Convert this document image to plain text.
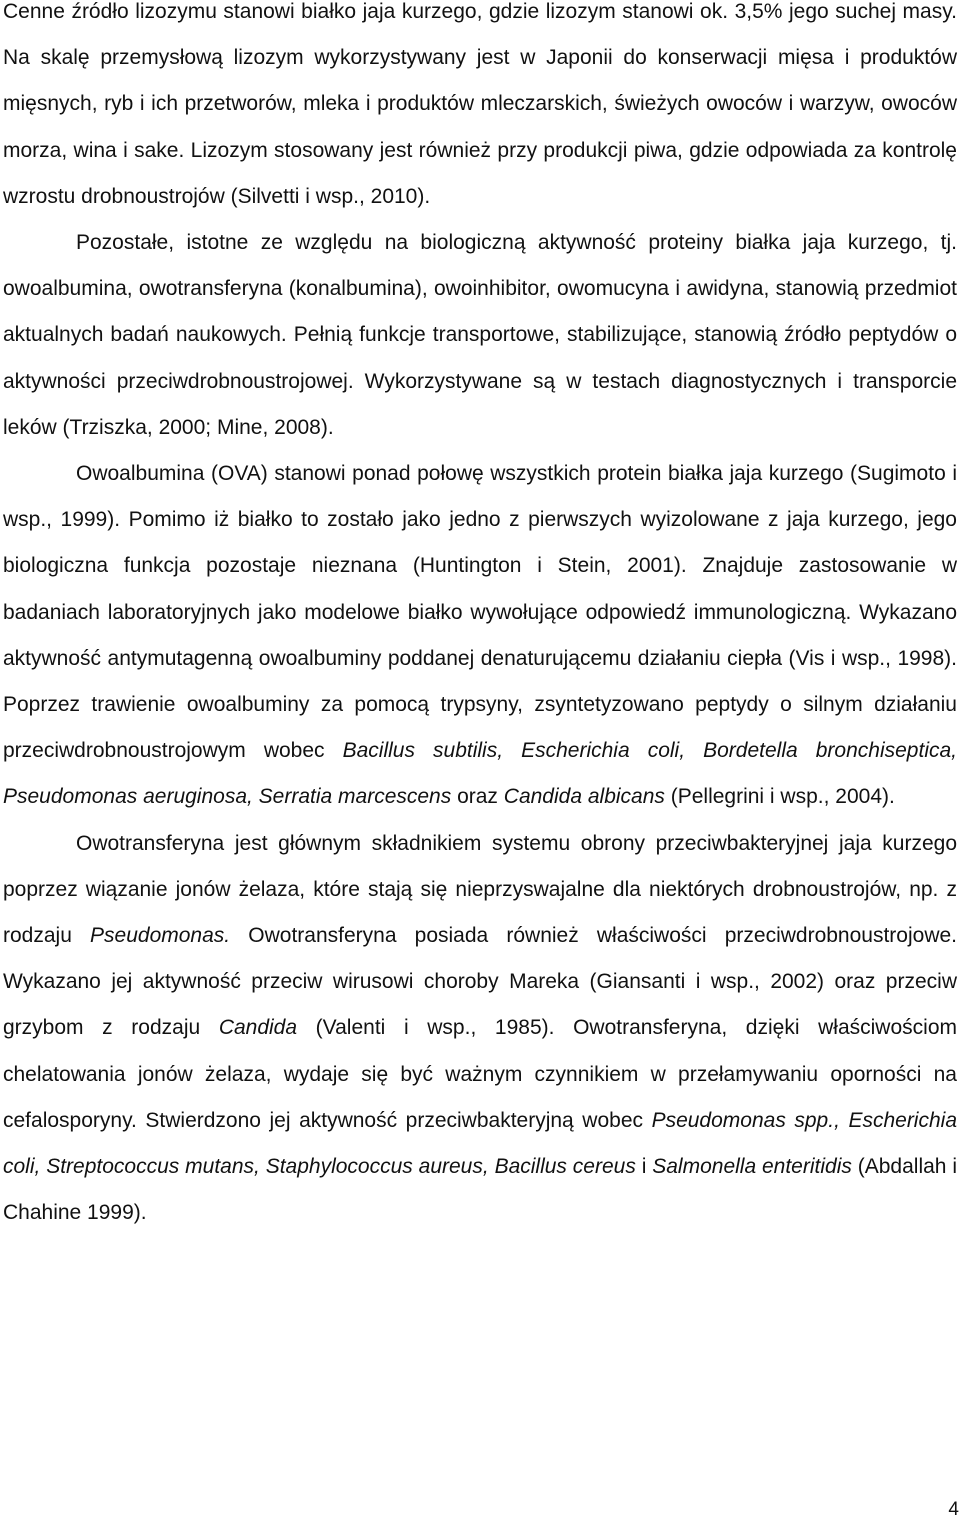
Cenne źródło lizozymu stanowi białko jaja kurzego, gdzie lizozym stanowi ok. 3,5% jego suchej masy. Na skalę przemysłową lizozym wykorzystywany jest w Japonii do konserwacji mięsa i produktów mięsnych, ryb i ich przetworów, mleka i produktów mleczarskich, świeżych owoców i warzyw, owoców morza, wina i sake. Lizozym stosowany jest również przy produkcji piwa, gdzie odpowiada za kontrolę wzrostu drobnoustrojów (Silvetti i wsp., 2010).

Pozostałe, istotne ze względu na biologiczną aktywność proteiny białka jaja kurzego, tj. owoalbumina, owotransferyna (konalbumina), owoinhibitor, owomucyna i awidyna, stanowią przedmiot aktualnych badań naukowych. Pełnią funkcje transportowe, stabilizujące, stanowią źródło peptydów o aktywności przeciwdrobnoustrojowej. Wykorzystywane są w testach diagnostycznych i transporcie leków (Trziszka, 2000; Mine, 2008).

Owoalbumina (OVA) stanowi ponad połowę wszystkich protein białka jaja kurzego (Sugimoto i wsp., 1999). Pomimo iż białko to zostało jako jedno z pierwszych wyizolowane z jaja kurzego, jego biologiczna funkcja pozostaje nieznana (Huntington i Stein, 2001). Znajduje zastosowanie w badaniach laboratoryjnych jako modelowe białko wywołujące odpowiedź immunologiczną. Wykazano aktywność antymutagenną owoalbuminy poddanej denaturującemu działaniu ciepła (Vis i wsp., 1998). Poprzez trawienie owoalbuminy za pomocą trypsyny, zsyntetyzowano peptydy o silnym działaniu przeciwdrobnoustrojowym wobec Bacillus subtilis, Escherichia coli, Bordetella bronchiseptica, Pseudomonas aeruginosa, Serratia marcescens oraz Candida albicans (Pellegrini i wsp., 2004).

Owotransferyna jest głównym składnikiem systemu obrony przeciwbakteryjnej jaja kurzego poprzez wiązanie jonów żelaza, które stają się nieprzyswajalne dla niektórych drobnoustrojów, np. z rodzaju Pseudomonas. Owotransferyna posiada również właściwości przeciwdrobnoustrojowe. Wykazano jej aktywność przeciw wirusowi choroby Mareka (Giansanti i wsp., 2002) oraz przeciw grzybom z rodzaju Candida (Valenti i wsp., 1985). Owotransferyna, dzięki właściwościom chelatowania jonów żelaza, wydaje się być ważnym czynnikiem w przełamywaniu oporności na cefalosporyny. Stwierdzono jej aktywność przeciwbakteryjną wobec Pseudomonas spp., Escherichia coli, Streptococcus mutans, Staphylococcus aureus, Bacillus cereus i Salmonella enteritidis (Abdallah i Chahine 1999).

4
